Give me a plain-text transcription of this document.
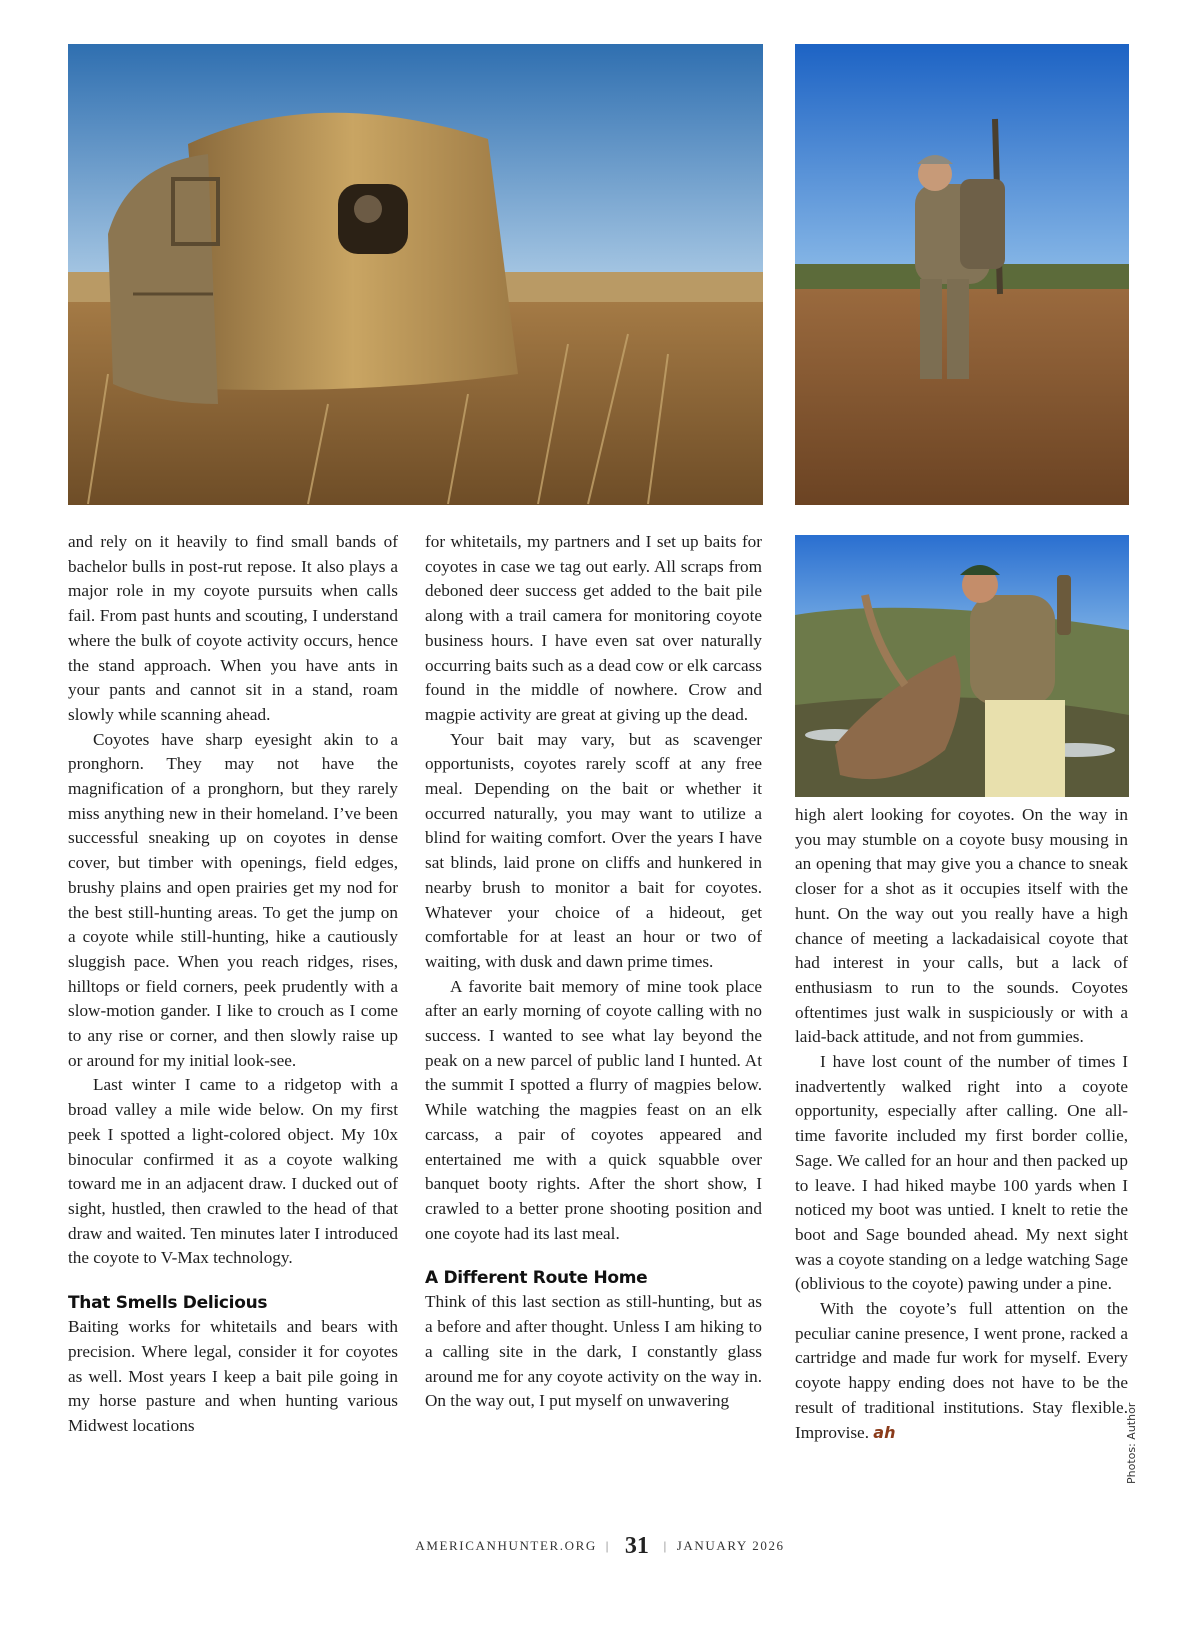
and rely on it heavily to find small bands of bachelor bulls in post-rut repose. It also plays a major role in my coyote pursuits when calls fail. From past hunts and scouting, I understand where the bulk of coyote activity occurs, hence the stand approach. When you have ants in your pants and cannot sit in a stand, roam slowly while scanning ahead.

Coyotes have sharp eyesight akin to a pronghorn. They may not have the magnification of a pronghorn, but they rarely miss anything new in their homeland. I’ve been successful sneaking up on coyotes in dense cover, but timber with openings, field edges, brushy plains and open prairies get my nod for the best still-hunting areas. To get the jump on a coyote while still-hunting, hike a cautiously sluggish pace. When you reach ridges, rises, hilltops or field corners, peek prudently with a slow-motion gander. I like to crouch as I come to any rise or corner, and then slowly raise up or around for my initial look-see.

Last winter I came to a ridgetop with a broad valley a mile wide below. On my first peek I spotted a light-colored object. My 10x binocular confirmed it as a coyote walking toward me in an adjacent draw. I ducked out of sight, hustled, then crawled to the head of that draw and waited. Ten minutes later I introduced the coyote to V-Max technology.

That Smells Delicious

Baiting works for whitetails and bears with precision. Where legal, consider it for coyotes as well. Most years I keep a bait pile going in my horse pasture and when hunting various Midwest locations

for whitetails, my partners and I set up baits for coyotes in case we tag out early. All scraps from deboned deer success get added to the bait pile along with a trail camera for monitoring coyote business hours. I have even sat over naturally occurring baits such as a dead cow or elk carcass found in the middle of nowhere. Crow and magpie activity are great at giving up the dead.

Your bait may vary, but as scavenger opportunists, coyotes rarely scoff at any free meal. Depending on the bait or whether it occurred naturally, you may want to utilize a blind for waiting comfort. Over the years I have sat blinds, laid prone on cliffs and hunkered in nearby brush to monitor a bait for coyotes. Whatever your choice of a hideout, get comfortable for at least an hour or two of waiting, with dusk and dawn prime times.

A favorite bait memory of mine took place after an early morning of coyote calling with no success. I wanted to see what lay beyond the peak on a new parcel of public land I hunted. At the summit I spotted a flurry of magpies below. While watching the magpies feast on an elk carcass, a pair of coyotes appeared and entertained me with a quick squabble over banquet booty rights. After the short show, I crawled to a better prone shooting position and one coyote had its last meal.

A Different Route Home

Think of this last section as still-hunting, but as a before and after thought. Unless I am hiking to a calling site in the dark, I constantly glass around me for any coyote activity on the way in. On the way out, I put myself on unwavering

high alert looking for coyotes. On the way in you may stumble on a coyote busy mousing in an opening that may give you a chance to sneak closer for a shot as it occupies itself with the hunt. On the way out you really have a high chance of meeting a lackadaisical coyote that had interest in your calls, but a lack of enthusiasm to run to the sounds. Coyotes oftentimes just walk in suspiciously or with a laid-back attitude, and not from gummies.

I have lost count of the number of times I inadvertently walked right into a coyote opportunity, especially after calling. One all-time favorite included my first border collie, Sage. We called for an hour and then packed up to leave. I had hiked maybe 100 yards when I noticed my boot was untied. I knelt to retie the boot and Sage bounded ahead. My next sight was a coyote standing on a ledge watching Sage (oblivious to the coyote) pawing under a pine.

With the coyote’s full attention on the peculiar canine presence, I went prone, racked a cartridge and made fur work for myself. Every coyote happy ending does not have to be the result of traditional institutions. Stay flexible. Improvise. ah	Photos: Author
AMERICANHUNTER.ORG | 31 | JANUARY 2026
